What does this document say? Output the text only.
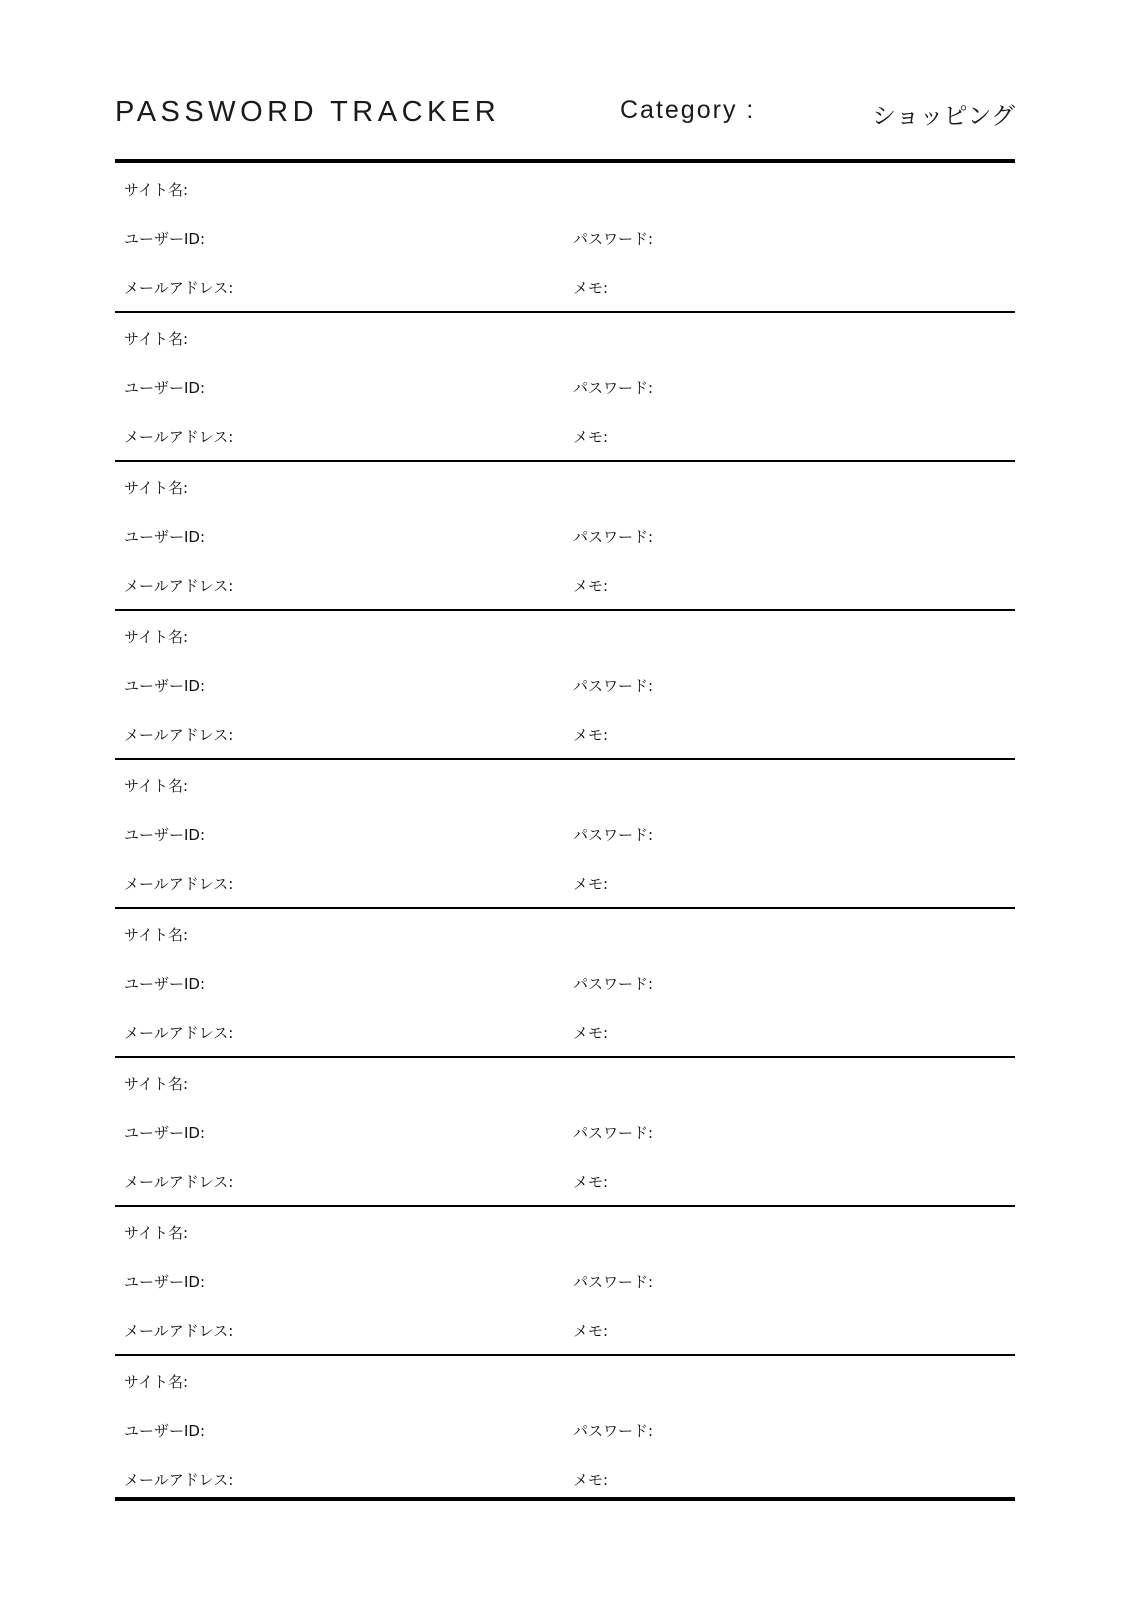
PASSWORD TRACKER	Category :	ショッピング
サイト名:
ユーザーID:	パスワード:
メールアドレス:	メモ:
サイト名:
ユーザーID:	パスワード:
メールアドレス:	メモ:
サイト名:
ユーザーID:	パスワード:
メールアドレス:	メモ:
サイト名:
ユーザーID:	パスワード:
メールアドレス:	メモ:
サイト名:
ユーザーID:	パスワード:
メールアドレス:	メモ:
サイト名:
ユーザーID:	パスワード:
メールアドレス:	メモ:
サイト名:
ユーザーID:	パスワード:
メールアドレス:	メモ:
サイト名:
ユーザーID:	パスワード:
メールアドレス:	メモ:
サイト名:
ユーザーID:	パスワード:
メールアドレス:	メモ:
